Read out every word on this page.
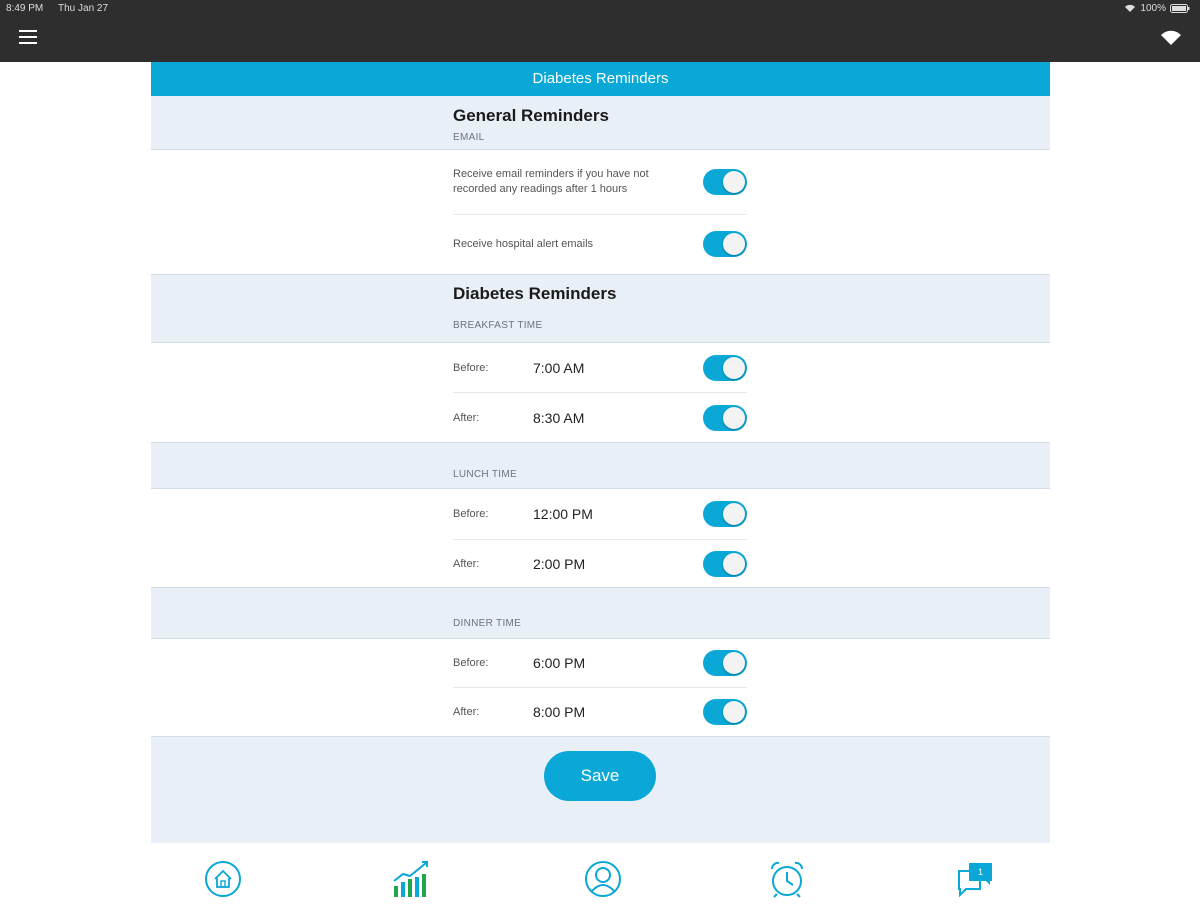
8:49 PM Thu Jan 27	100%
Diabetes Reminders
General Reminders
EMAIL
Receive email reminders if you have not recorded any readings after 1 hours
Receive hospital alert emails
Diabetes Reminders
BREAKFAST TIME
Before:	7:00 AM
After:	8:30 AM
LUNCH TIME
Before:	12:00 PM
After:	2:00 PM
DINNER TIME
Before:	6:00 PM
After:	8:00 PM
Save
1
